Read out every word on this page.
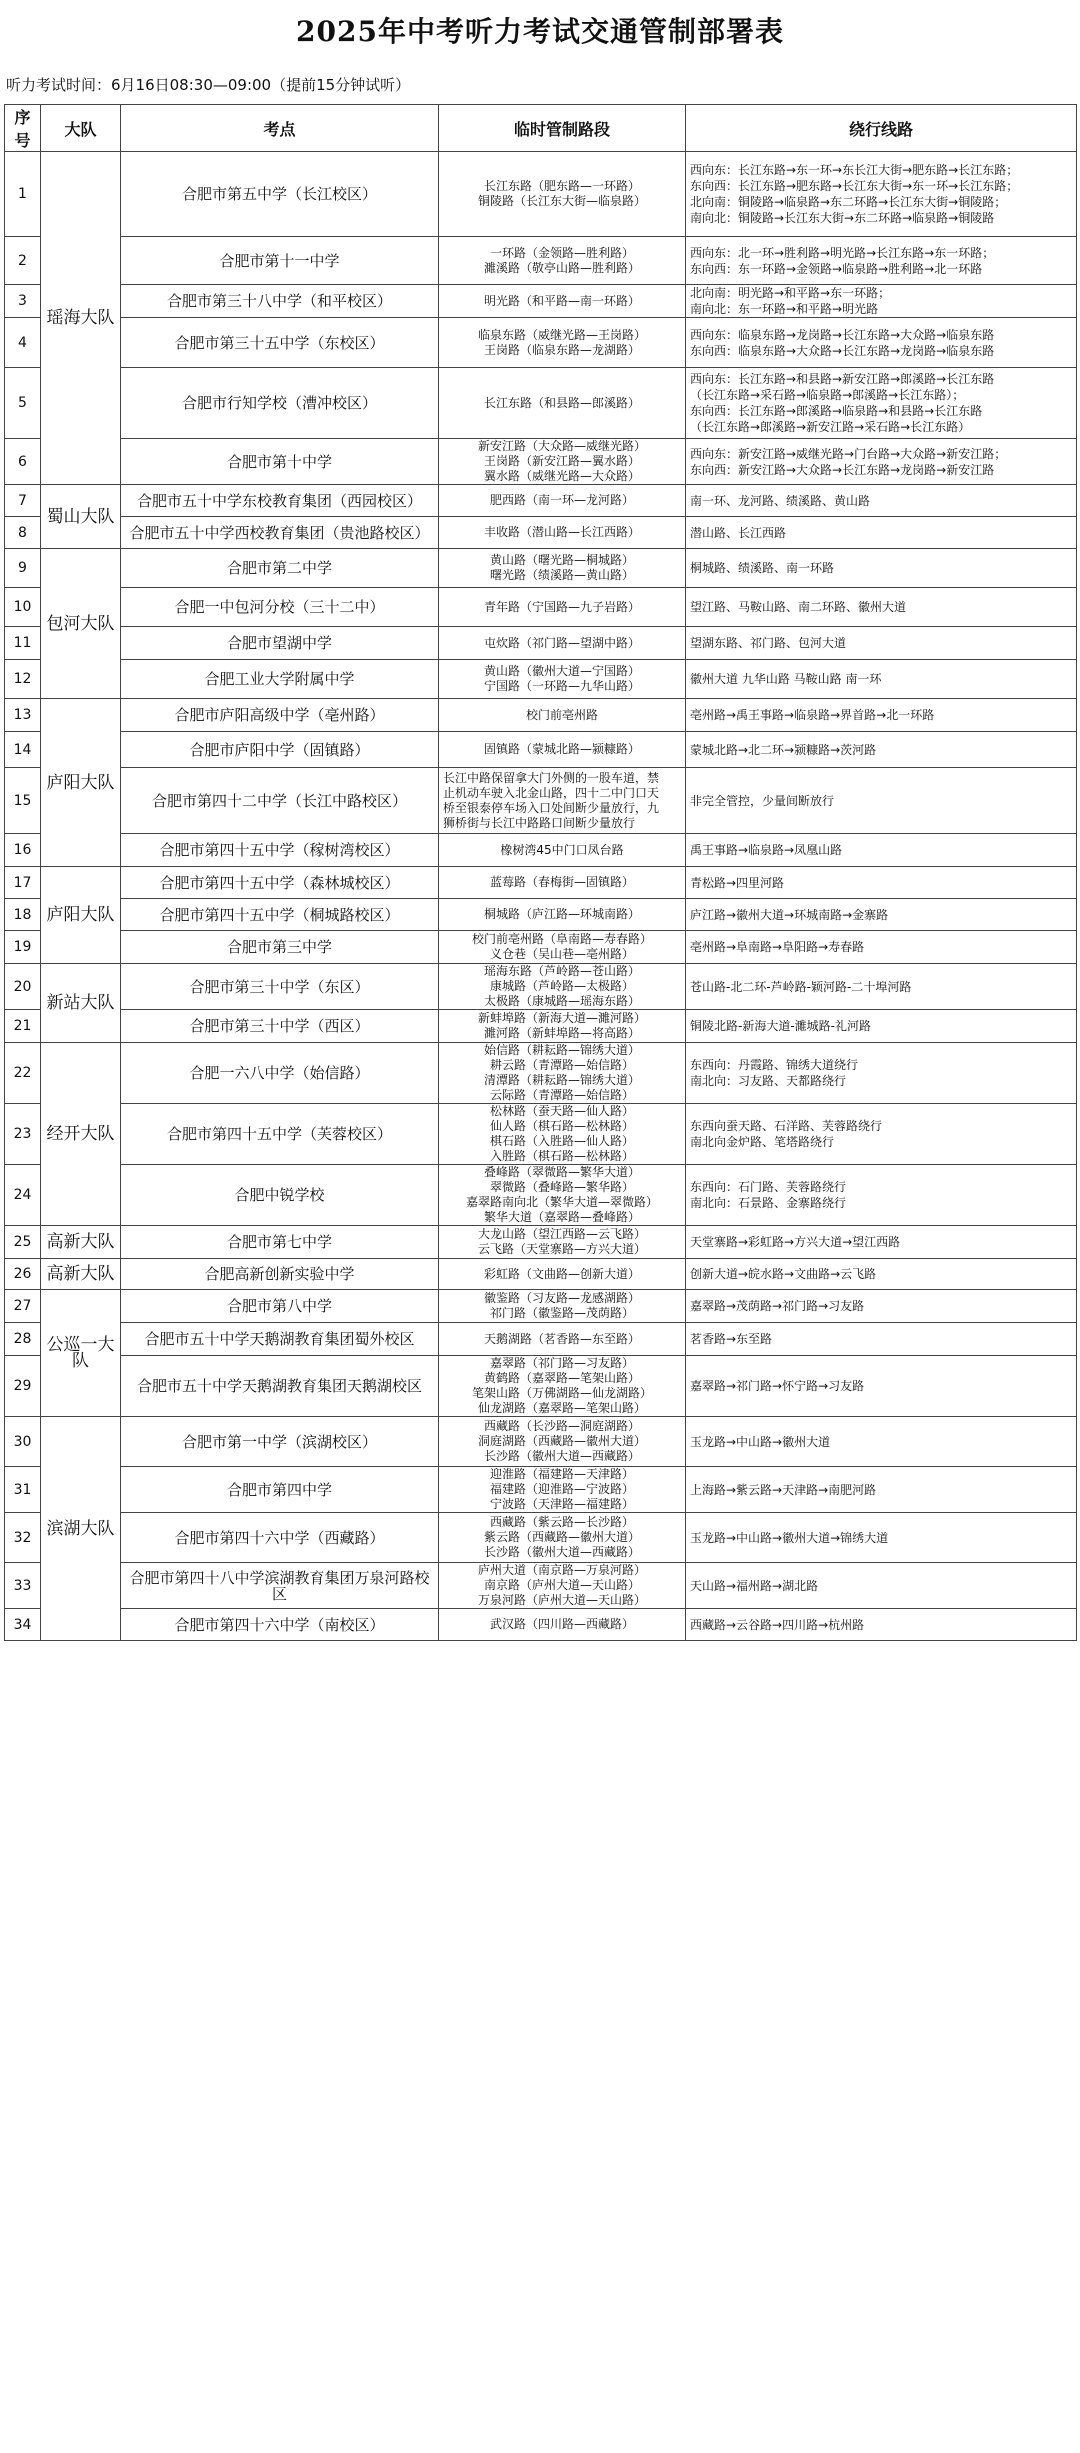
2025年中考听力考试交通管制部署表
听力考试时间：6月16日08:30—09:00（提前15分钟试听）
序号	大队	考点	临时管制路段	绕行线路
1	瑶海大队	合肥市第五中学（长江校区）	长江东路（肥东路—一环路）
铜陵路（长江东大街—临泉路）	西向东：长江东路→东一环→东长江大街→肥东路→长江东路；
东向西：长江东路→肥东路→长江东大街→东一环→长江东路；
北向南：铜陵路→临泉路→东二环路→长江东大街→铜陵路；
南向北：铜陵路→长江东大街→东二环路→临泉路→铜陵路

2		合肥市第十一中学	一环路（金领路—胜利路）
濉溪路（敬亭山路—胜利路）	西向东：北一环→胜利路→明光路→长江东路→东一环路；
东向西：东一环路→金领路→临泉路→胜利路→北一环路

3		合肥市第三十八中学（和平校区）	明光路（和平路—南一环路）	北向南：明光路→和平路→东一环路；
南向北：东一环路→和平路→明光路

4		合肥市第三十五中学（东校区）	临泉东路（威继光路—王岗路）
王岗路（临泉东路—龙湖路）	西向东：临泉东路→龙岗路→长江东路→大众路→临泉东路
东向西：临泉东路→大众路→长江东路→龙岗路→临泉东路

5		合肥市行知学校（漕冲校区）	长江东路（和县路—郎溪路）	西向东：长江东路→和县路→新安江路→郎溪路→长江东路
（长江东路→采石路→临泉路→郎溪路→长江东路）；
东向西：长江东路→郎溪路→临泉路→和县路→长江东路
（长江东路→郎溪路→新安江路→采石路→长江东路）

6		合肥市第十中学	新安江路（大众路—威继光路）
王岗路（新安江路—翼水路）
翼水路（威继光路—大众路）	西向东：新安江路→威继光路→门台路→大众路→新安江路；
东向西：新安江路→大众路→长江东路→龙岗路→新安江路

7	蜀山大队	合肥市五十中学东校教育集团（西园校区）	肥西路（南一环—龙河路）	南一环、龙河路、绩溪路、黄山路

8		合肥市五十中学西校教育集团（贵池路校区）	丰收路（潜山路—长江西路）	潜山路、长江西路

9	包河大队	合肥市第二中学	黄山路（曙光路—桐城路）
曙光路（绩溪路—黄山路）	桐城路、绩溪路、南一环路

10		合肥一中包河分校（三十二中）	青年路（宁国路—九子岩路）	望江路、马鞍山路、南二环路、徽州大道

11		合肥市望湖中学	屯炊路（祁门路—望湖中路）	望湖东路、祁门路、包河大道

12		合肥工业大学附属中学	黄山路（徽州大道—宁国路）
宁国路（一环路—九华山路）	徽州大道 九华山路 马鞍山路 南一环

13	庐阳大队	合肥市庐阳高级中学（亳州路）	校门前亳州路	亳州路→禹王事路→临泉路→界首路→北一环路

14		合肥市庐阳中学（固镇路）	固镇路（蒙城北路—颍糠路）	蒙城北路→北二环→颍糠路→茨河路

15		合肥市第四十二中学（长江中路校区）	长江中路保留拿大门外侧的一股车道，禁
止机动车驶入北金山路，四十二中门口天
桥至银泰停车场入口处间断少量放行，九
狮桥街与长江中路路口间断少量放行	非完全管控，少量间断放行

16		合肥市第四十五中学（稼树湾校区）	橡树湾45中门口凤台路	禹王事路→临泉路→凤凰山路

17	庐阳大队	合肥市第四十五中学（森林城校区）	蓝莓路（春梅街—固镇路）	青松路→四里河路

18		合肥市第四十五中学（桐城路校区）	桐城路（庐江路—环城南路）	庐江路→徽州大道→环城南路→金寨路

19		合肥市第三中学	校门前亳州路（阜南路—寿春路）
义仓巷（吴山巷—亳州路）	亳州路→阜南路→阜阳路→寿春路

20	新站大队	合肥市第三十中学（东区）	瑶海东路（芦岭路—苍山路）
康城路（芦岭路—太极路）
太极路（康城路—瑶海东路）	苍山路-北二环-芦岭路-颖河路-二十埠河路

21		合肥市第三十中学（西区）	新蚌埠路（新海大道—濉河路）
濉河路（新蚌埠路—将高路）	铜陵北路-新海大道-濉城路-礼河路

22	经开大队	合肥一六八中学（始信路）	始信路（耕耘路—锦绣大道）
耕云路（青潭路—始信路）
清潭路（耕耘路—锦绣大道）
云际路（青潭路—始信路）	东西向：丹霞路、锦绣大道绕行
南北向：习友路、天都路绕行

23		合肥市第四十五中学（芙蓉校区）	松林路（蚕天路—仙人路）
仙人路（棋石路—松林路）
棋石路（入胜路—仙人路）
入胜路（棋石路—松林路）	东西向蚕天路、石洋路、芙蓉路绕行
南北向金炉路、笔塔路绕行

24		合肥中锐学校	叠峰路（翠微路—繁华大道）
翠微路（叠峰路—繁华路）
嘉翠路南向北（繁华大道—翠微路）
繁华大道（嘉翠路—叠峰路）	东西向：石门路、芙蓉路绕行
南北向：石景路、金寨路绕行

25	高新大队	合肥市第七中学	大龙山路（望江西路—云飞路）
云飞路（天堂寨路—方兴大道）	天堂寨路→彩虹路→方兴大道→望江西路

26	高新大队	合肥高新创新实验中学	彩虹路（文曲路—创新大道）	创新大道→皖水路→文曲路→云飞路

27	公巡一大队	合肥市第八中学	徽鉴路（习友路—龙感湖路）
祁门路（徽鉴路—茂荫路）	嘉翠路→茂荫路→祁门路→习友路

28		合肥市五十中学天鹅湖教育集团蜀外校区	天鹅湖路（茗香路—东至路）	茗香路→东至路

29		合肥市五十中学天鹅湖教育集团天鹅湖校区	嘉翠路（祁门路—习友路）
黄鹤路（嘉翠路—笔架山路）
笔架山路（万佛湖路—仙龙湖路）
仙龙湖路（嘉翠路—笔架山路）	嘉翠路→祁门路→怀宁路→习友路

30	滨湖大队	合肥市第一中学（滨湖校区）	西藏路（长沙路—洞庭湖路）
洞庭湖路（西藏路—徽州大道）
长沙路（徽州大道—西藏路）	玉龙路→中山路→徽州大道

31		合肥市第四中学	迎淮路（福建路—天津路）
福建路（迎淮路—宁波路）
宁波路（天津路—福建路）	上海路→紫云路→天津路→南肥河路

32		合肥市第四十六中学（西藏路）	西藏路（紫云路—长沙路）
紫云路（西藏路—徽州大道）
长沙路（徽州大道—西藏路）	玉龙路→中山路→徽州大道→锦绣大道

33		合肥市第四十八中学滨湖教育集团万泉河路校区	庐州大道（南京路—万泉河路）
南京路（庐州大道—天山路）
万泉河路（庐州大道—天山路）	天山路→福州路→湖北路

34		合肥市第四十六中学（南校区）	武汉路（四川路—西藏路）	西藏路→云谷路→四川路→杭州路
